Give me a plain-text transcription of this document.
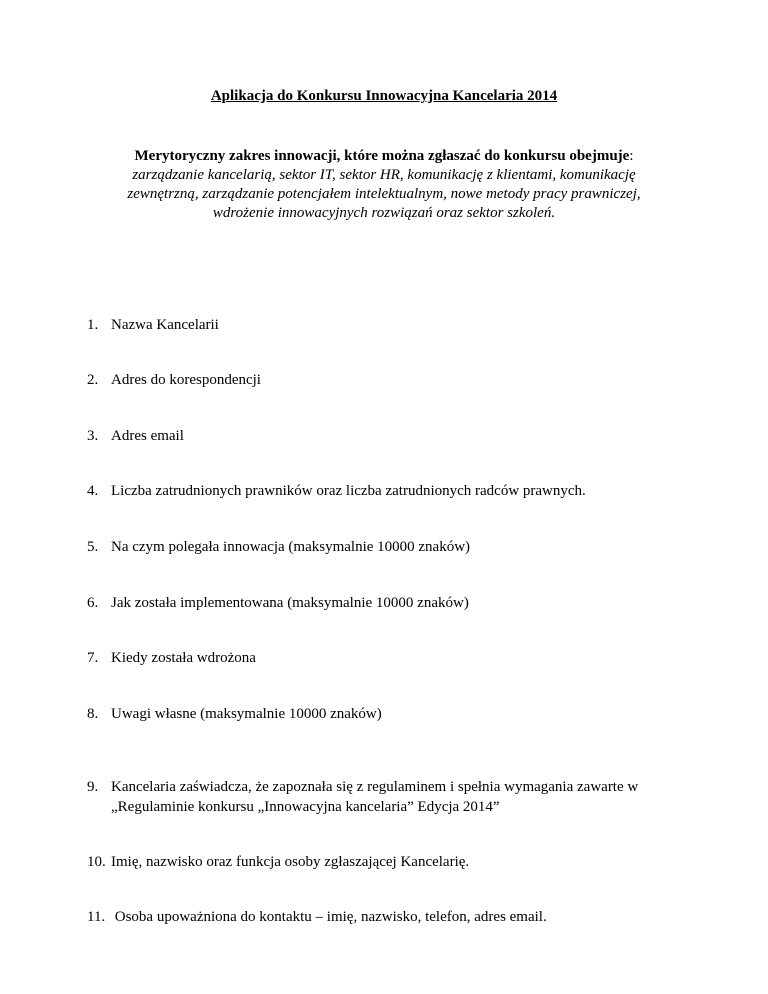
Aplikacja do Konkursu Innowacyjna Kancelaria 2014
Merytoryczny zakres innowacji, które można zgłaszać do konkursu obejmuje:
zarządzanie kancelarią, sektor IT, sektor HR, komunikację z klientami, komunikację zewnętrzną, zarządzanie potencjałem intelektualnym, nowe metody pracy prawniczej, wdrożenie innowacyjnych rozwiązań oraz sektor szkoleń.
1. Nazwa Kancelarii
2. Adres do korespondencji
3. Adres email
4. Liczba zatrudnionych prawników oraz liczba zatrudnionych radców prawnych.
5. Na czym polegała innowacja (maksymalnie 10000 znaków)
6. Jak została implementowana (maksymalnie 10000 znaków)
7. Kiedy została wdrożona
8. Uwagi własne (maksymalnie 10000 znaków)
9. Kancelaria zaświadcza, że zapoznała się z regulaminem i spełnia wymagania zawarte w
„Regulaminie konkursu „Innowacyjna kancelaria” Edycja 2014”
10. Imię, nazwisko oraz funkcja osoby zgłaszającej Kancelarię.
11. Osoba upoważniona do kontaktu – imię, nazwisko, telefon, adres email.
